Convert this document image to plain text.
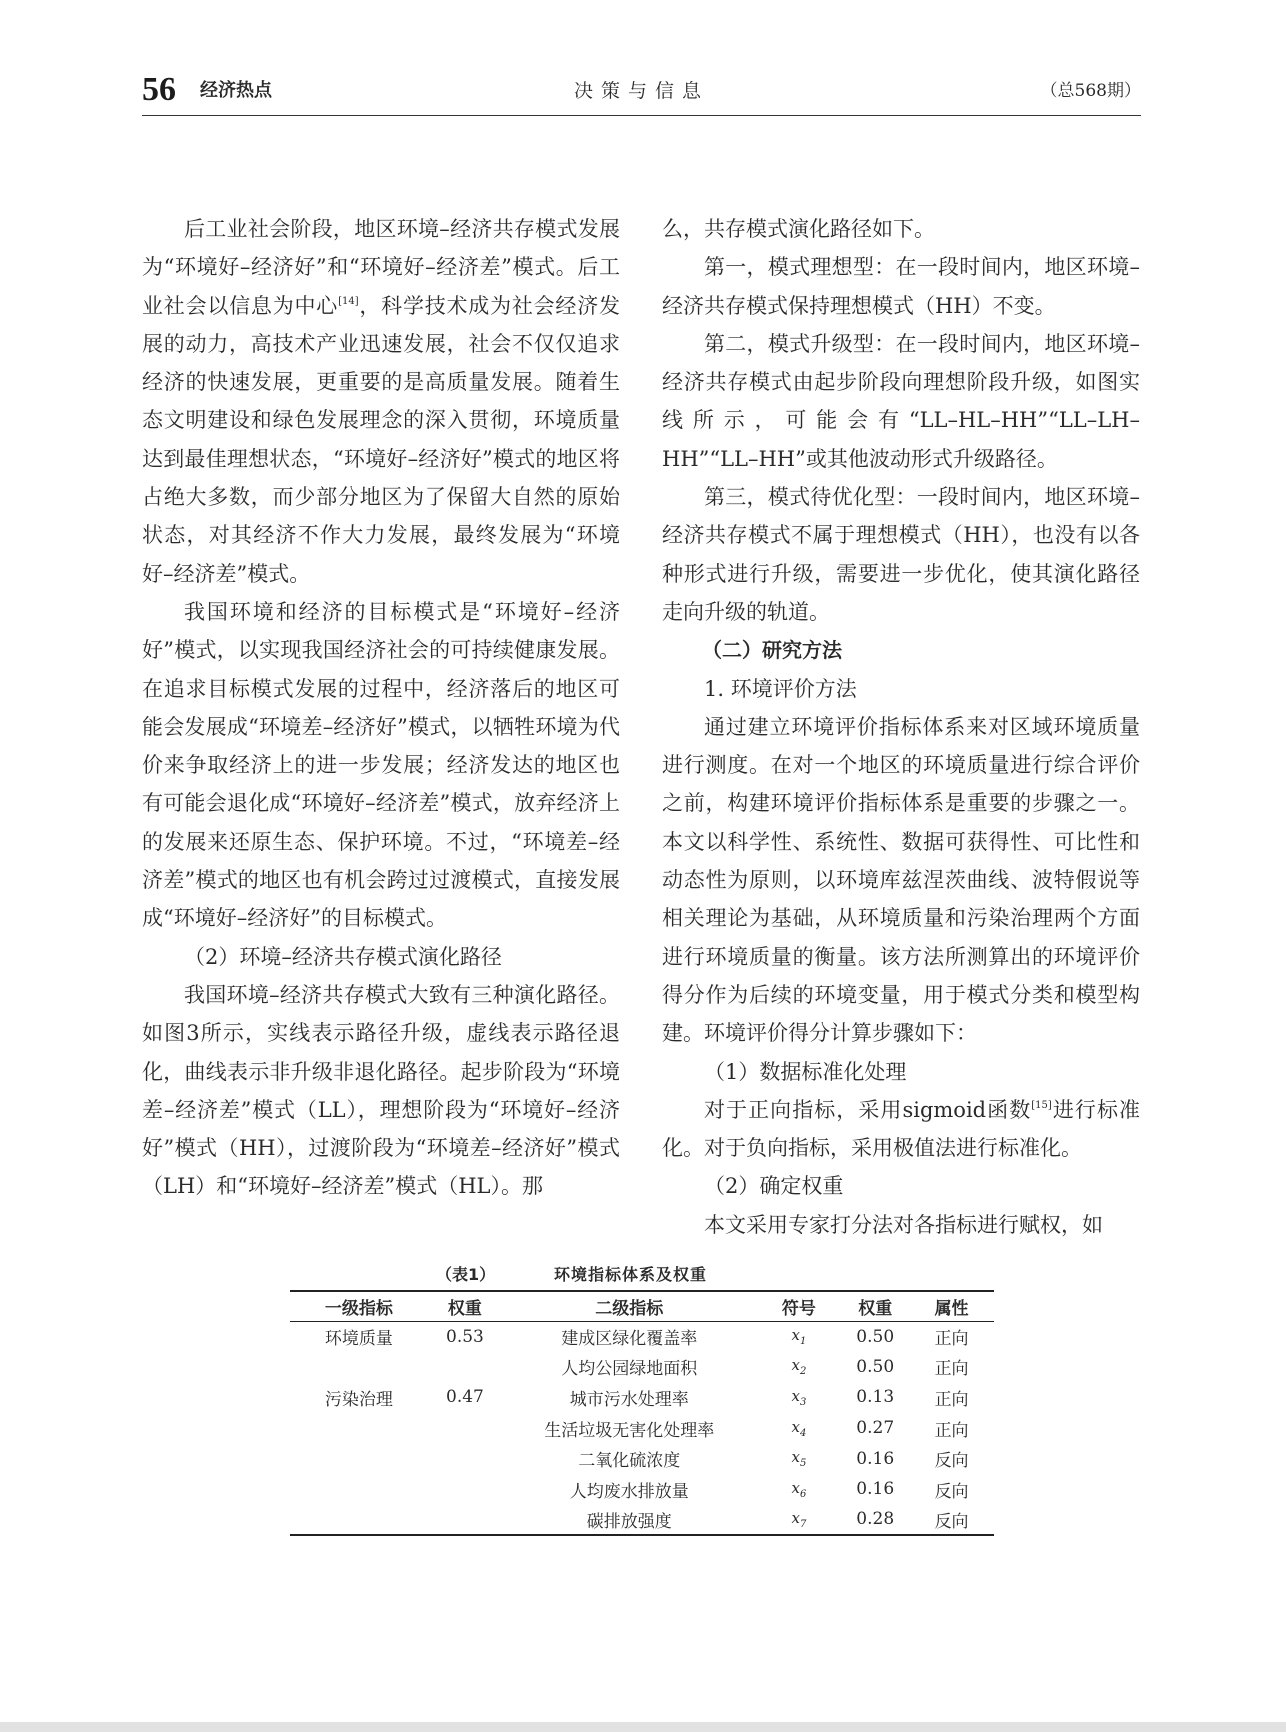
56 经济热点	决策与信息	（总568期）

后工业社会阶段，地区环境–经济共存模式发展为“环境好–经济好”和“环境好–经济差”模式。后工业社会以信息为中心[14]，科学技术成为社会经济发展的动力，高技术产业迅速发展，社会不仅仅追求经济的快速发展，更重要的是高质量发展。随着生态文明建设和绿色发展理念的深入贯彻，环境质量达到最佳理想状态，“环境好–经济好”模式的地区将占绝大多数，而少部分地区为了保留大自然的原始状态，对其经济不作大力发展，最终发展为“环境好–经济差”模式。

我国环境和经济的目标模式是“环境好–经济好”模式，以实现我国经济社会的可持续健康发展。在追求目标模式发展的过程中，经济落后的地区可能会发展成“环境差–经济好”模式，以牺牲环境为代价来争取经济上的进一步发展；经济发达的地区也有可能会退化成“环境好–经济差”模式，放弃经济上的发展来还原生态、保护环境。不过，“环境差–经济差”模式的地区也有机会跨过过渡模式，直接发展成“环境好–经济好”的目标模式。

（2）环境–经济共存模式演化路径

我国环境–经济共存模式大致有三种演化路径。如图3所示，实线表示路径升级，虚线表示路径退化，曲线表示非升级非退化路径。起步阶段为“环境差–经济差”模式（LL），理想阶段为“环境好–经济好”模式（HH），过渡阶段为“环境差–经济好”模式（LH）和“环境好–经济差”模式（HL）。那

么，共存模式演化路径如下。

第一，模式理想型：在一段时间内，地区环境–经济共存模式保持理想模式（HH）不变。

第二，模式升级型：在一段时间内，地区环境–经济共存模式由起步阶段向理想阶段升级，如图实线所示，可能会有“LL–HL–HH”“LL–LH–HH”“LL–HH”或其他波动形式升级路径。

第三，模式待优化型：一段时间内，地区环境–经济共存模式不属于理想模式（HH），也没有以各种形式进行升级，需要进一步优化，使其演化路径走向升级的轨道。

（二）研究方法

1. 环境评价方法

通过建立环境评价指标体系来对区域环境质量进行测度。在对一个地区的环境质量进行综合评价之前，构建环境评价指标体系是重要的步骤之一。本文以科学性、系统性、数据可获得性、可比性和动态性为原则，以环境库兹涅茨曲线、波特假说等相关理论为基础，从环境质量和污染治理两个方面进行环境质量的衡量。该方法所测算出的环境评价得分作为后续的环境变量，用于模式分类和模型构建。环境评价得分计算步骤如下：

（1）数据标准化处理

对于正向指标，采用sigmoid函数[15]进行标准化。对于负向指标，采用极值法进行标准化。

（2）确定权重

本文采用专家打分法对各指标进行赋权，如

（表1）	环境指标体系及权重
一级指标	权重	二级指标	符号	权重	属性
环境质量	0.53	建成区绿化覆盖率	$x_1$	0.50	正向
		人均公园绿地面积	$x_2$	0.50	正向
污染治理	0.47	城市污水处理率	$x_3$	0.13	正向
		生活垃圾无害化处理率	$x_4$	0.27	正向
		二氧化硫浓度	$x_5$	0.16	反向
		人均废水排放量	$x_6$	0.16	反向
		碳排放强度	$x_7$	0.28	反向
